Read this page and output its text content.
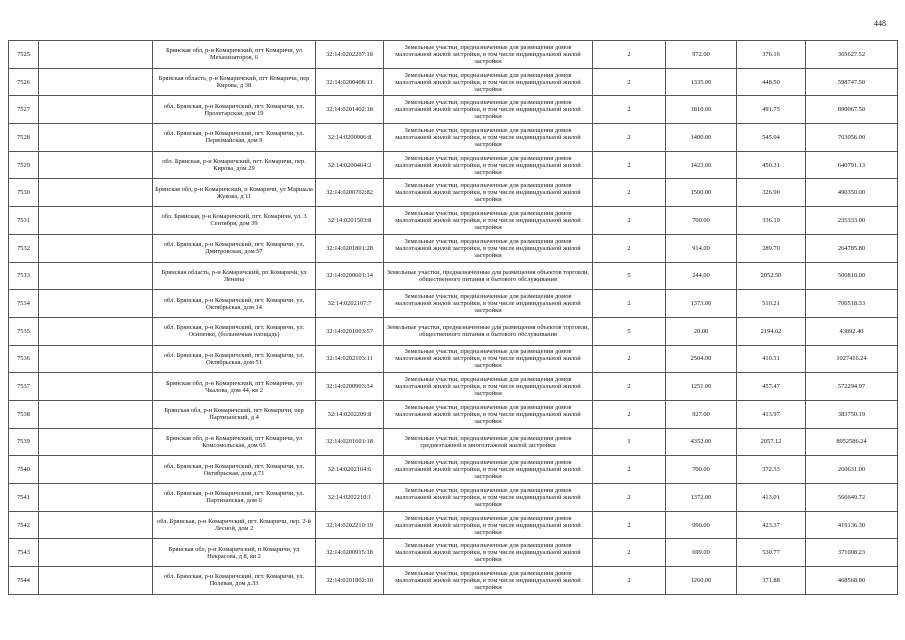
448
7525		Брянская обл, р-н Комаричский, пгт Комаричи, ул Механизаторов, 6	32:14:0202207:18	Земельные участки, предназначенные для размещения домов малоэтажной жилой застройки, в том числе индивидуальной жилой застройки	2	972.00	376.16	365627.52
7526		Брянская область, р-н Комаричский, пгт Комаричи, пер Кирова, д 38	32:14:0200408:11	Земельные участки, предназначенные для размещения домов малоэтажной жилой застройки, в том числе индивидуальной жилой застройки	2	1335.00	448.50	598747.50
7527		обл. Брянская, р-н Комаричский, пгт. Комаричи, ул. Пролетарская, дом 19	32:14:0201402:18	Земельные участки, предназначенные для размещения домов малоэтажной жилой застройки, в том числе индивидуальной жилой застройки	2	1810.00	491.75	890067.50
7528		обл. Брянская, р-н Комаричский, пгт. Комаричи, ул. Первомайская, дом 9	32:14:0200906:8	Земельные участки, предназначенные для размещения домов малоэтажной жилой застройки, в том числе индивидуальной жилой застройки	2	1400.00	545.04	763056.00
7529		обл. Брянская, р-н Комаричский, пгт. Комаричи, пер. Кирова, дом 29	32:14:0200404:2	Земельные участки, предназначенные для размещения домов малоэтажной жилой застройки, в том числе индивидуальной жилой застройки	2	1423.00	450.31	640791.13
7530		Брянская обл, р-н Комаричский, п Комаричи, ул Маршала Жукова, д 11	32:14:0200702:82	Земельные участки, предназначенные для размещения домов малоэтажной жилой застройки, в том числе индивидуальной жилой застройки	2	1500.00	326.90	490350.00
7531		обл. Брянская, р-н Комаричский, пгт. Комаричи, ул. 3 Сентября, дом 39	32:14:0201503:8	Земельные участки, предназначенные для размещения домов малоэтажной жилой застройки, в том числе индивидуальной жилой застройки	2	700.00	336.19	235333.00
7532		обл. Брянская, р-н Комаричский, пгт. Комаричи, ул. Дмитровская, дом 57	32:14:0201801:28	Земельные участки, предназначенные для размещения домов малоэтажной жилой застройки, в том числе индивидуальной жилой застройки	2	914.00	289.70	264785.80
7533		Брянская область, р-н Комаричский, рп Комаричи, ул Ленина	32:14:0200601:14	Земельные участки, предназначенные для размещения объектов торговли, общественного питания и бытового обслуживания	5	244.00	2052.50	500810.00
7534		обл. Брянская, р-н Комаричский, пгт. Комаричи, ул. Октябрьская, дом 14	32:14:0202107:7	Земельные участки, предназначенные для размещения домов малоэтажной жилой застройки, в том числе индивидуальной жилой застройки	2	1373.00	510.21	700518.33
7535		обл. Брянская, р-н Комаричский, пгт. Комаричи, ул. Осипенко, (больничная площадь)	32:14:0201003:57	Земельные участки, предназначенные для размещения объектов торговли, общественного питания и бытового обслуживания	5	20.00	2194.62	43892.40
7536		обл. Брянская, р-н Комаричский, пгт. Комаричи, ул. Октябрьская, дом 51	32:14:0202103:11	Земельные участки, предназначенные для размещения домов малоэтажной жилой застройки, в том числе индивидуальной жилой застройки	2	2504.00	410.31	1027416.24
7537		Брянская обл, р-н Комаричский, пгт Комаричи, ул Чкалова, дом 44, кв 2	32:14:0200903:34	Земельные участки, предназначенные для размещения домов малоэтажной жилой застройки, в том числе индивидуальной жилой застройки	2	1251.00	457.47	572294.97
7538		Брянская обл, р-н Комаричский, пгт Комаричи, пер Партизанский, д 4	32:14:0202209:8	Земельные участки, предназначенные для размещения домов малоэтажной жилой застройки, в том числе индивидуальной жилой застройки	2	927.00	413.97	383750.19
7539		Брянская обл, р-н Комаричский, пгт Комаричи, ул Комсомольская, дом 65	32:14:0201601:18	Земельные участки, предназначенные для размещения домов среднеэтажной и многоэтажной жилой застройки	1	4352.00	2057.12	8952586.24
7540		обл. Брянская, р-н Комаричский, пгт. Комаричи, ул. Октябрьская, дом д.71	32:14:0202104:6	Земельные участки, предназначенные для размещения домов малоэтажной жилой застройки, в том числе индивидуальной жилой застройки	2	700.00	372.33	260631.00
7541		обл. Брянская, р-н Комаричский, пгт. Комаричи, ул. Партизанская, дом 6	32:14:0202210:1	Земельные участки, предназначенные для размещения домов малоэтажной жилой застройки, в том числе индивидуальной жилой застройки	2	1372.00	413.01	566649.72
7542		обл. Брянская, р-н Комаричский, пгт. Комаричи, пер. 2-й Лесной, дом 2	32:14:0202210:19	Земельные участки, предназначенные для размещения домов малоэтажной жилой застройки, в том числе индивидуальной жилой застройки	2	990.00	423.37	419136.30
7543		Брянская обл, р-н Комаричский, п Комаричи, ул Некрасова, д 8, кв 2	32:14:0200915:18	Земельные участки, предназначенные для размещения домов малоэтажной жилой застройки, в том числе индивидуальной жилой застройки	2	699.00	530.77	371008.23
7544		обл. Брянская, р-н Комаричский, пгт. Комаричи, ул. Полевая, дом д.33	32:14:0201802:10	Земельные участки, предназначенные для размещения домов малоэтажной жилой застройки, в том числе индивидуальной жилой застройки	2	1260.00	371.88	468568.80
